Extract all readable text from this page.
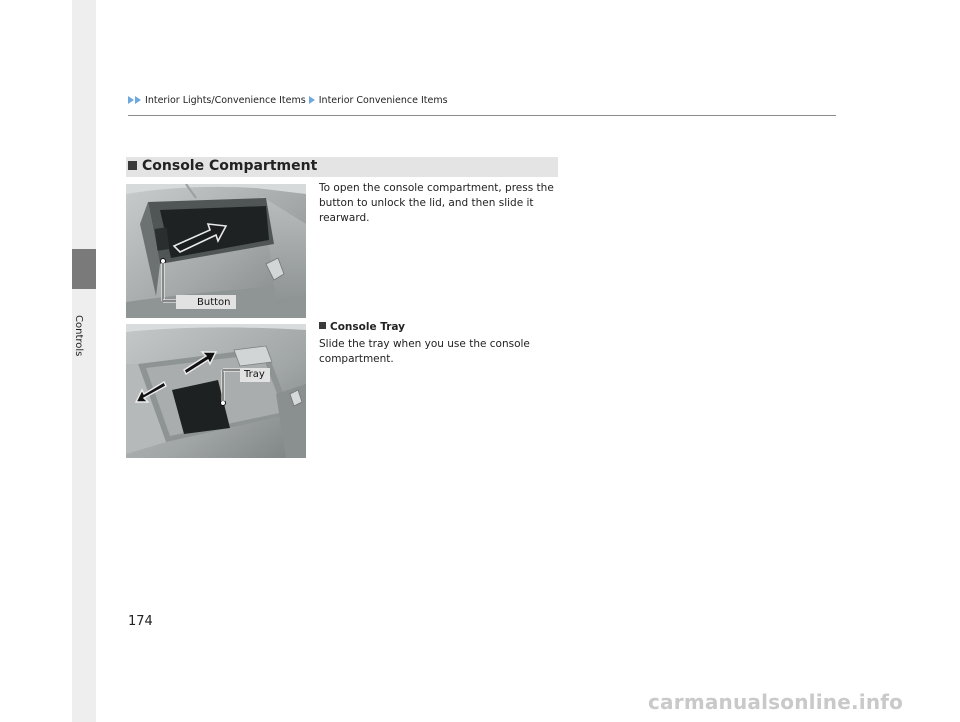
Controls
Interior Lights/Convenience Items Interior Convenience Items
Console Compartment
Button
To open the console compartment, press the button to unlock the lid, and then slide it rearward.
Tray
Console Tray
Slide the tray when you use the console compartment.
174
carmanualsonline.info
